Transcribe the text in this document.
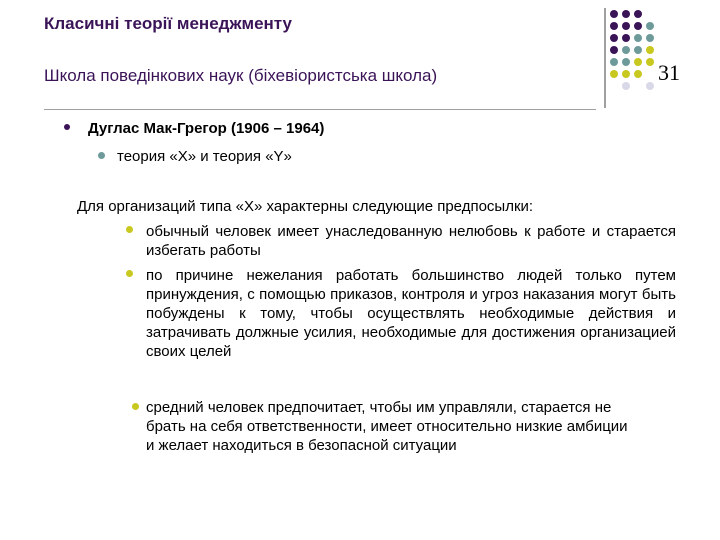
Класичні теорії менеджменту
Школа поведінкових наук (біхевіористська школа)	31
Дуглас Мак-Грегор (1906 – 1964)
теория «X» и теория «Y»
Для организаций типа «Х» характерны следующие предпосылки:
обычный человек имеет унаследованную нелюбовь к работе и старается избегать работы
по причине нежелания работать большинство людей только путем принуждения, с помощью приказов, контроля и угроз наказания могут быть побуждены к тому, чтобы осуществлять необходимые действия и затрачивать должные усилия, необходимые для достижения организацией своих целей
средний человек предпочитает, чтобы им управляли, старается не брать на себя ответственности, имеет относительно низкие амбиции и желает находиться в безопасной ситуации
